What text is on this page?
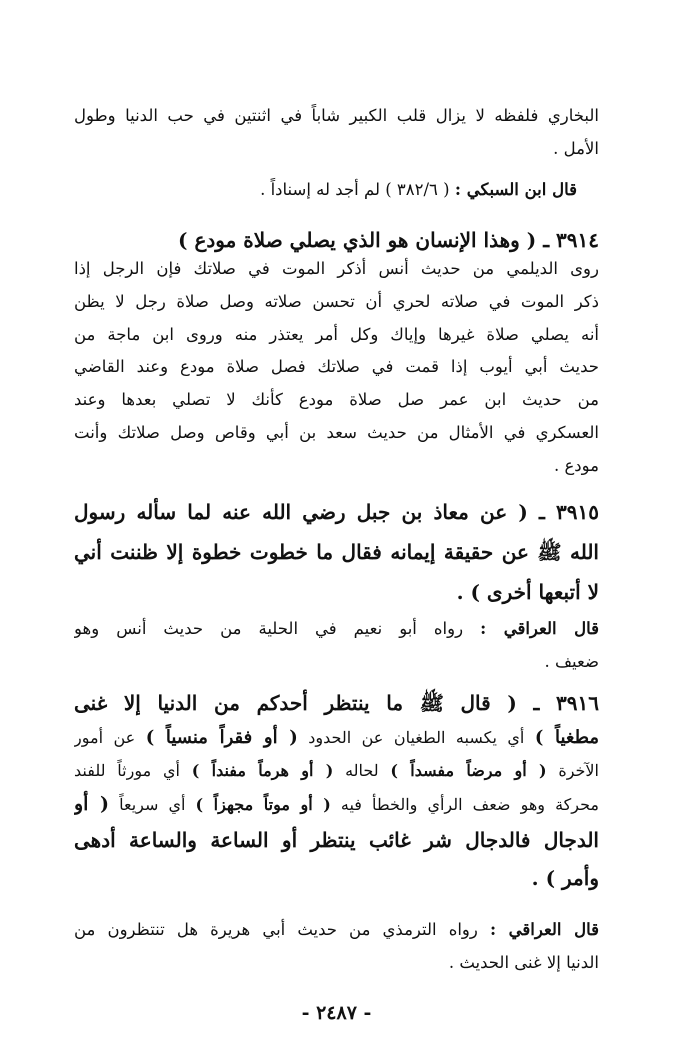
البخاري فلفظه لا يزال قلب الكبير شاباً في اثنتين في حب الدنيا وطول
الأمل .
قال ابن السبكي : ( ٣٨٢/٦ ) لم أجد له إسناداً .
٣٩١٤ ـ ( وهذا الإنسان هو الذي يصلي صلاة مودع )
روى الديلمي من حديث أنس أذكر الموت في صلاتك فإن الرجل إذا
ذكر الموت في صلاته لحري أن تحسن صلاته وصل صلاة رجل لا يظن
أنه يصلي صلاة غيرها وإياك وكل أمر يعتذر منه وروى ابن ماجة من
حديث أبي أيوب إذا قمت في صلاتك فصل صلاة مودع وعند القاضي
من حديث ابن عمر صل صلاة مودع كأنك لا تصلي بعدها وعند
العسكري في الأمثال من حديث سعد بن أبي وقاص وصل صلاتك وأنت
مودع .
٣٩١٥ ـ ( عن معاذ بن جبل رضي الله عنه لما سأله رسول
الله ﷺ عن حقيقة إيمانه فقال ما خطوت خطوة إلا ظننت أني
لا أتبعها أخرى ) .
قال العراقي : رواه أبو نعيم في الحلية من حديث أنس وهو
ضعيف .
٣٩١٦ ـ ( قال ﷺ ما ينتظر أحدكم من الدنيا إلا غنى
مطغياً ) أي يكسبه الطغيان عن الحدود ( أو فقراً منسياً ) عن أمور
الآخرة ( أو مرضاً مفسداً ) لحاله ( أو هرماً مفنداً ) أي مورثاً للفند
محركة وهو ضعف الرأي والخطأ فيه ( أو موتاً مجهزاً ) أي سريعاً ( أو
الدجال فالدجال شر غائب ينتظر أو الساعة والساعة أدهى
وأمر ) .
قال العراقي : رواه الترمذي من حديث أبي هريرة هل تنتظرون من
الدنيا إلا غنى الحديث .
- ٢٤٨٧ -
